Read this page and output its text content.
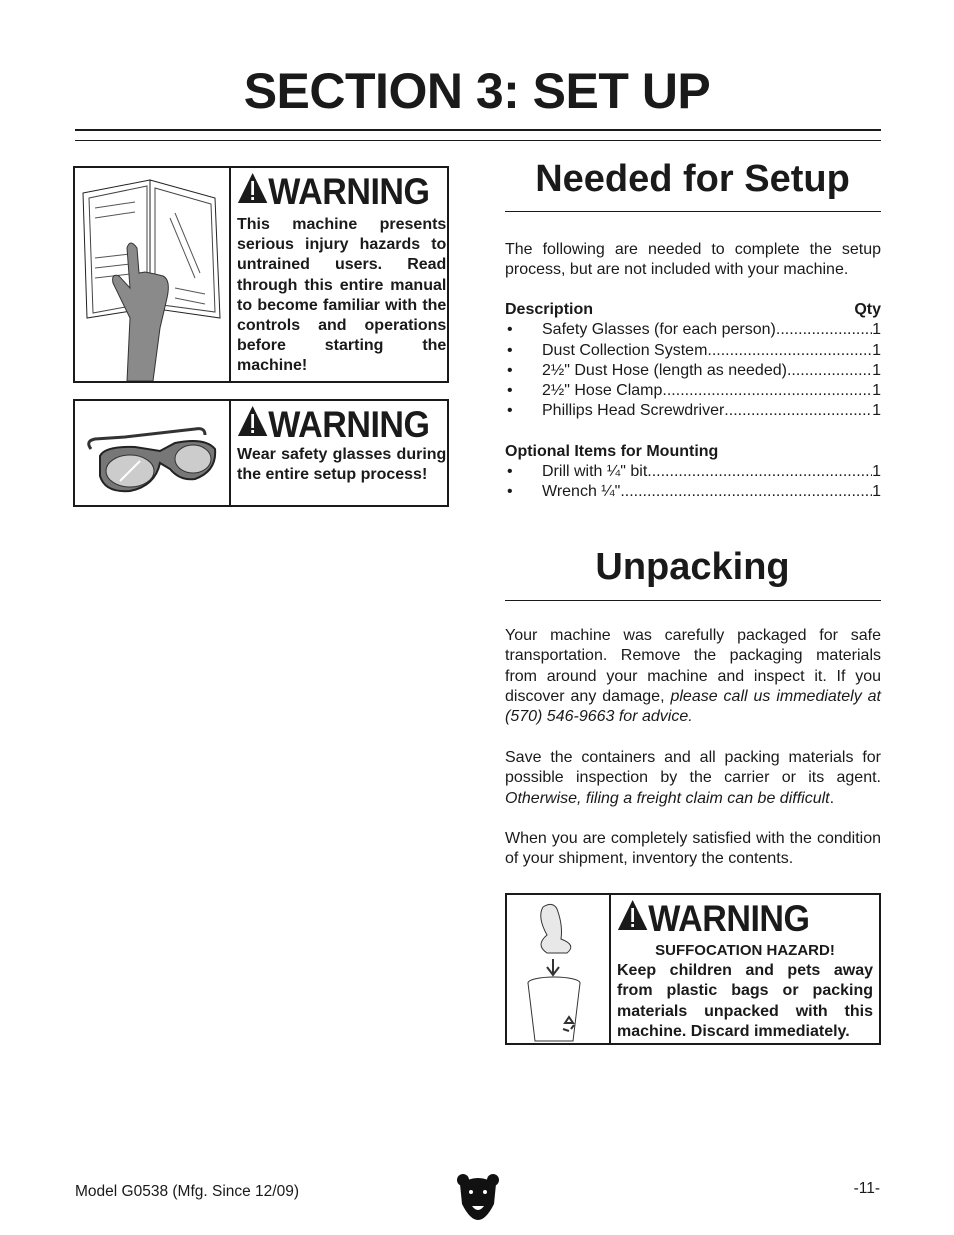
SECTION 3: SET UP
WARNING
This machine presents serious injury hazards to untrained users. Read through this entire manual to become familiar with the controls and operations before starting the machine!
WARNING
Wear safety glasses during the entire setup process!
Needed for Setup
The following are needed to complete the setup process, but are not included with your machine.
Description	Qty
•	Safety Glasses (for each person) .....	1
•	Dust Collection System .....	1
•	2½" Dust Hose (length as needed) .....	1
•	2½" Hose Clamp .....	1
•	Phillips Head Screwdriver .....	1
Optional Items for Mounting
•	Drill with ¼" bit .....	1
•	Wrench ¼" .....	1
Unpacking
Your machine was carefully packaged for safe transportation. Remove the packaging materials from around your machine and inspect it. If you discover any damage, please call us immediately at (570) 546-9663 for advice.
Save the containers and all packing materials for possible inspection by the carrier or its agent. Otherwise, filing a freight claim can be difficult.
When you are completely satisfied with the condition of your shipment, inventory the contents.
WARNING
SUFFOCATION HAZARD!
Keep children and pets away from plastic bags or packing materials unpacked with this machine. Discard immediately.
Model G0538 (Mfg. Since 12/09)	-11-
